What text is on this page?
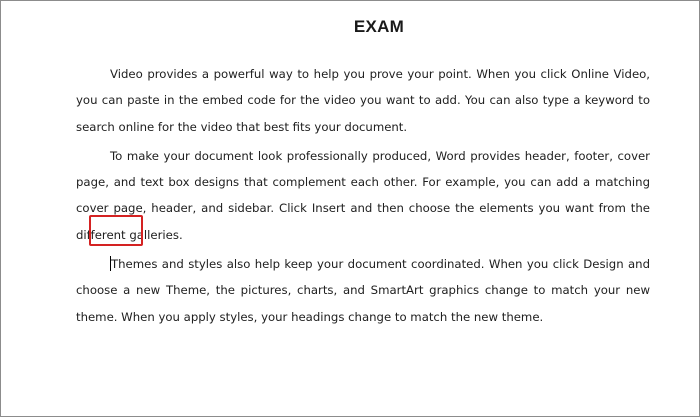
EXAM

Video provides a powerful way to help you prove your point. When you click Online Video, you can paste in the embed code for the video you want to add. You can also type a keyword to search online for the video that best fits your document.

To make your document look professionally produced, Word provides header, footer, cover page, and text box designs that complement each other. For example, you can add a matching cover page, header, and sidebar. Click Insert and then choose the elements you want from the different galleries.

Themes and styles also help keep your document coordinated. When you click Design and choose a new Theme, the pictures, charts, and SmartArt graphics change to match your new theme. When you apply styles, your headings change to match the new theme.
